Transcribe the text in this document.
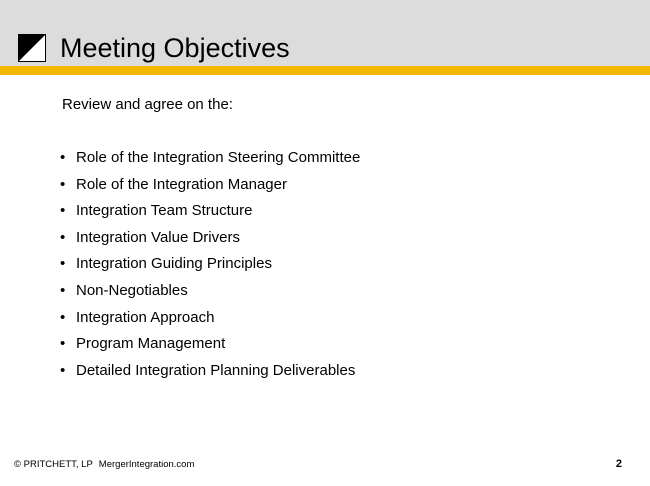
Meeting Objectives
Review and agree on the:
• Role of the Integration Steering Committee
• Role of the Integration Manager
• Integration Team Structure
• Integration Value Drivers
• Integration Guiding Principles
• Non-Negotiables
• Integration Approach
• Program Management
• Detailed Integration Planning Deliverables
© PRITCHETT, LP MergerIntegration.com	2
